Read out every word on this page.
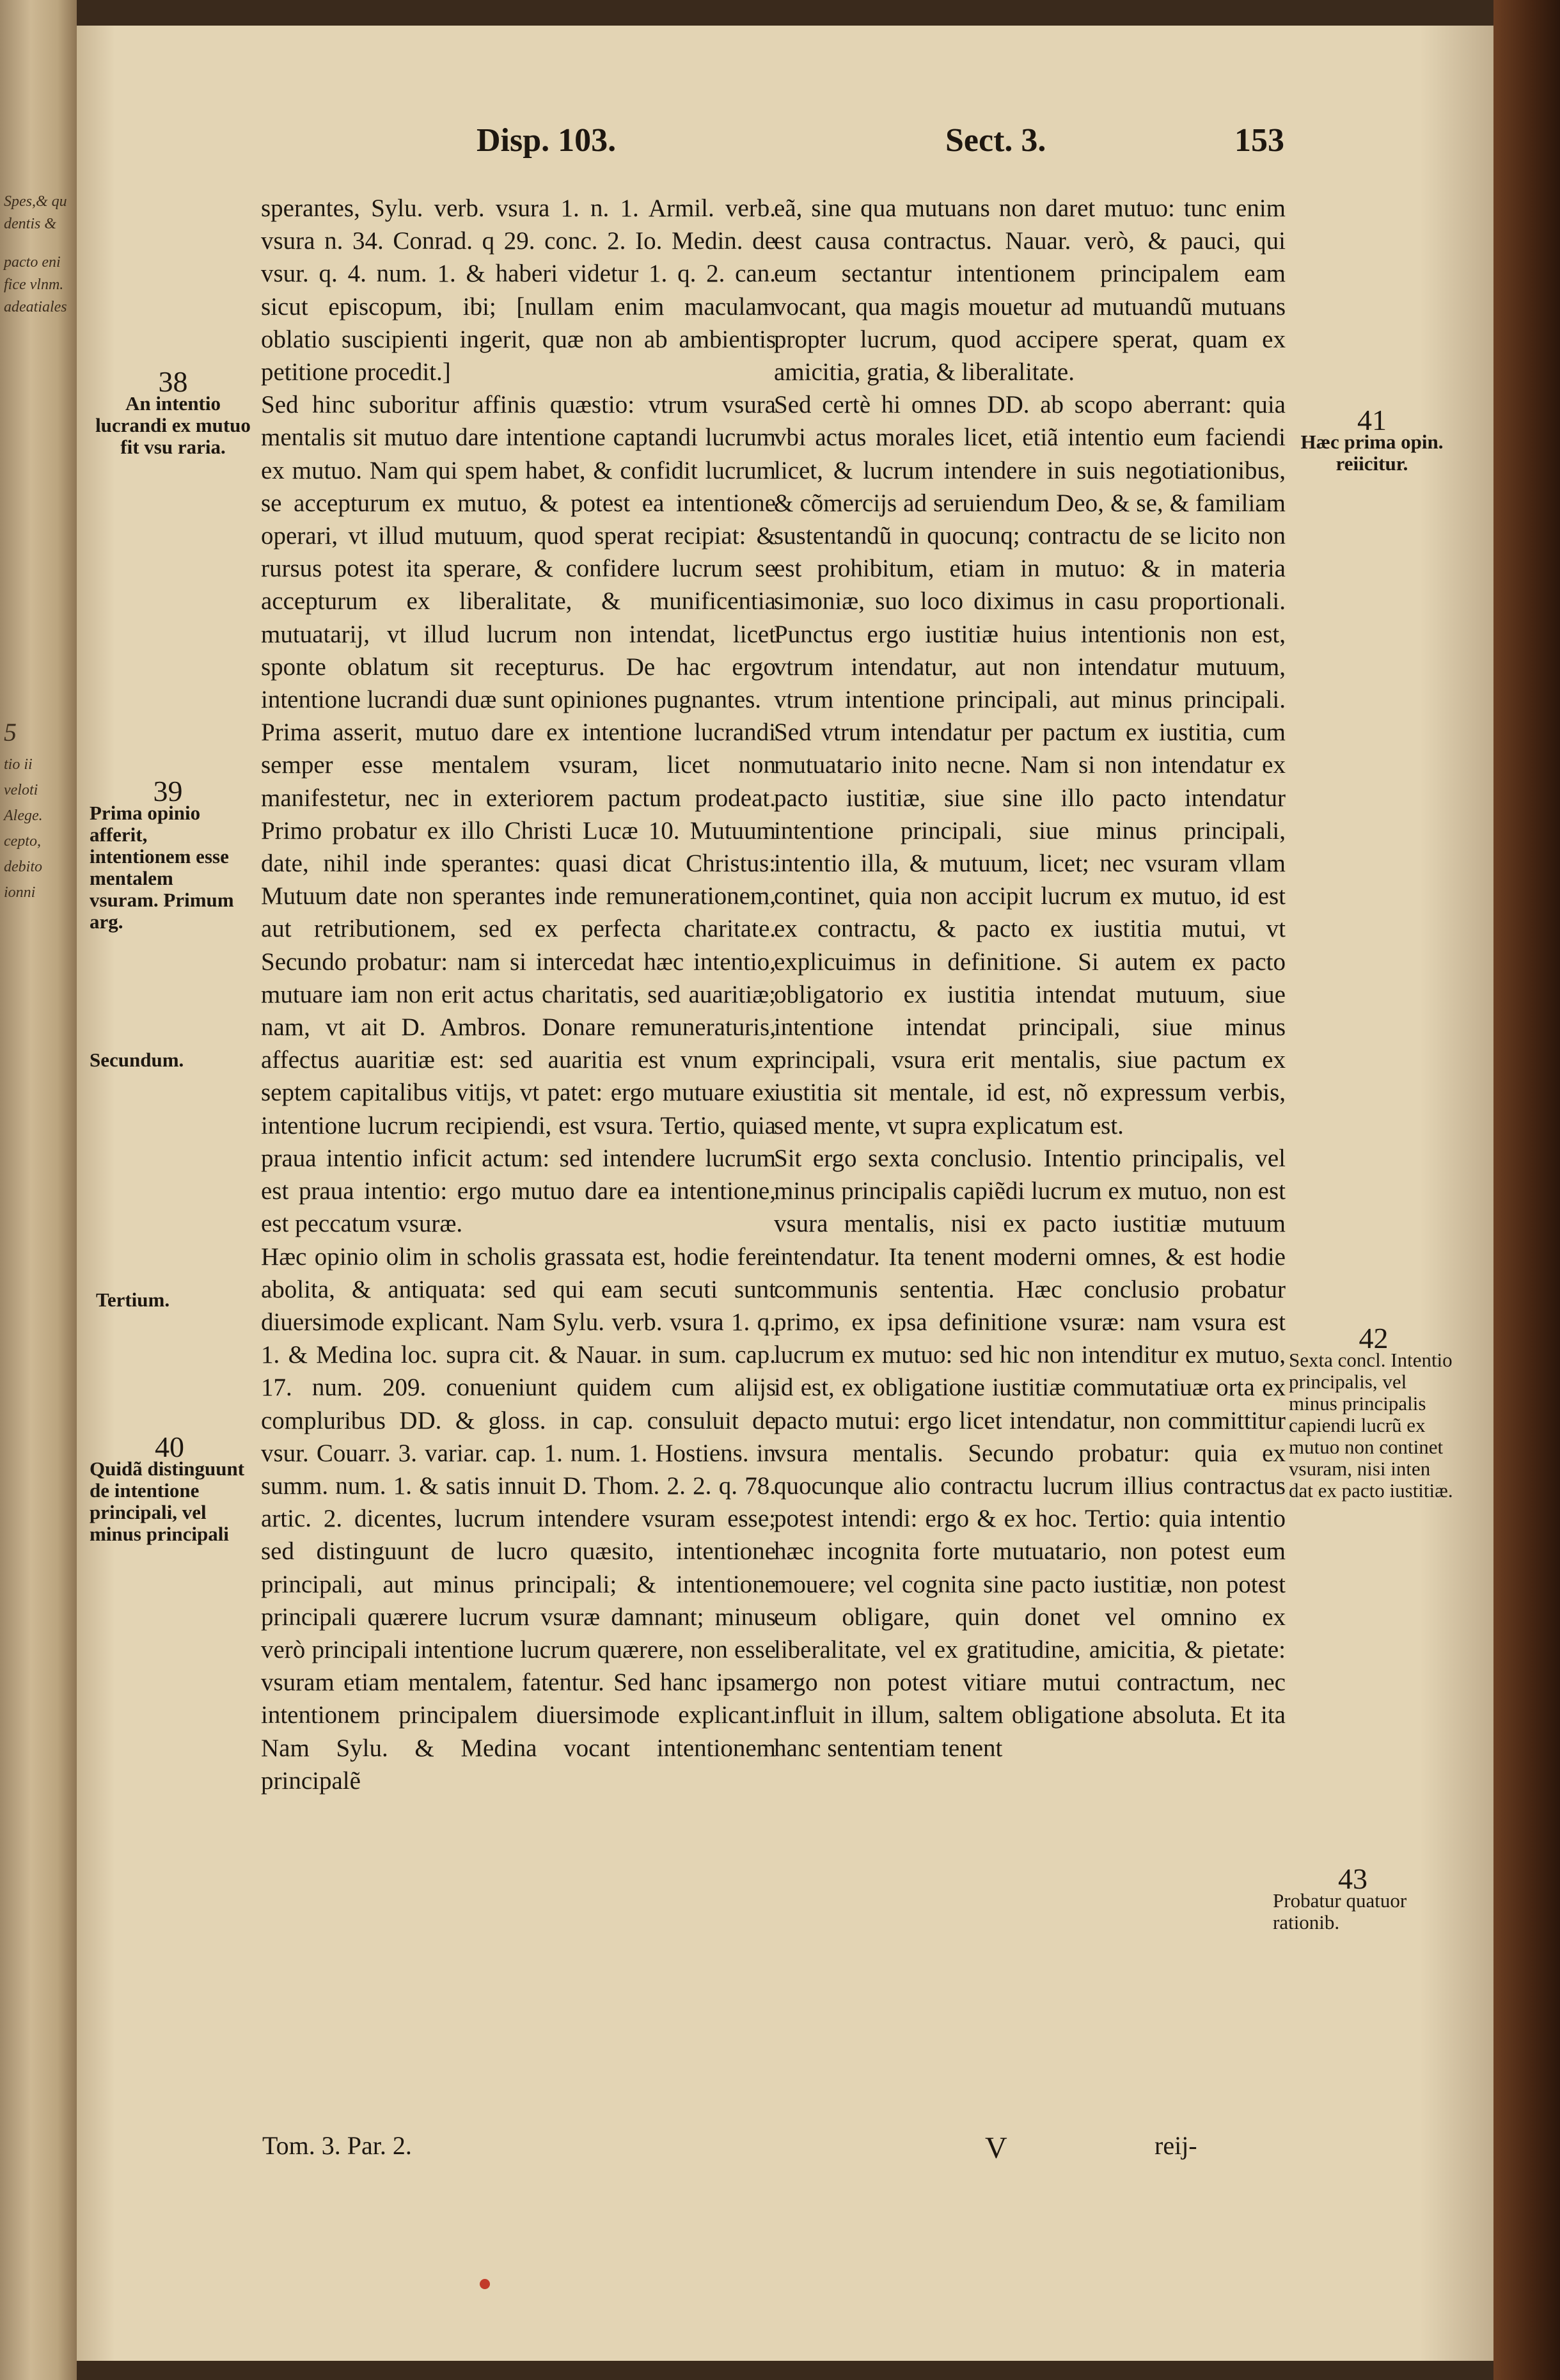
Spes,& qu
dentis &
pacto eni
fice vlnm.
adeatiales
5
tio ii
veloti
Alege.
cepto,
debito
ionni
Disp. 103.	Sect. 3.	153
38
An intentio lucrandi ex mutuo fit vsu raria.
39
Prima opinio afferit, intentionem esse mentalem vsuram. Primum arg.
Secundum.
Tertium.
40
Quidã distinguunt de intentione principali, vel minus principali
41
Hæc prima opin. reiicitur.
42
Sexta concl. Intentio principalis, vel minus principalis capiendi lucrũ ex mutuo non continet vsuram, nisi inten dat ex pacto iustitiæ.
43
Probatur quatuor rationib.

sperantes, Sylu. verb. vsura 1. n. 1. Armil. verb. vsura n. 34. Conrad. q 29. conc. 2. Io. Medin. de vsur. q. 4. num. 1. & haberi videtur 1. q. 2. can. sicut episcopum, ibi; [nullam enim maculam oblatio suscipienti ingerit, quæ non ab ambientis petitione procedit.]

Sed hinc suboritur affinis quæstio: vtrum vsura mentalis sit mutuo dare intentione captandi lucrum ex mutuo. Nam qui spem habet, & confidit lucrum se accepturum ex mutuo, & potest ea intentione operari, vt illud mutuum, quod sperat recipiat: & rursus potest ita sperare, & confidere lucrum se accepturum ex liberalitate, & munificentia mutuatarij, vt illud lucrum non intendat, licet sponte oblatum sit recepturus. De hac ergo intentione lucrandi duæ sunt opiniones pugnantes.

Prima asserit, mutuo dare ex intentione lucrandi semper esse mentalem vsuram, licet non manifestetur, nec in exteriorem pactum prodeat. Primo probatur ex illo Christi Lucæ 10. Mutuum date, nihil inde sperantes: quasi dicat Christus: Mutuum date non sperantes inde remunerationem, aut retributionem, sed ex perfecta charitate. Secundo probatur: nam si intercedat hæc intentio, mutuare iam non erit actus charitatis, sed auaritiæ; nam, vt ait D. Ambros. Donare remuneraturis, affectus auaritiæ est: sed auaritia est vnum ex septem capitalibus vitijs, vt patet: ergo mutuare ex intentione lucrum recipiendi, est vsura. Tertio, quia praua intentio inficit actum: sed intendere lucrum est praua intentio: ergo mutuo dare ea intentione, est peccatum vsuræ.

Hæc opinio olim in scholis grassata est, hodie fere abolita, & antiquata: sed qui eam secuti sunt diuersimode explicant. Nam Sylu. verb. vsura 1. q. 1. & Medina loc. supra cit. & Nauar. in sum. cap. 17. num. 209. conueniunt quidem cum alijs compluribus DD. & gloss. in cap. consuluit de vsur. Couarr. 3. variar. cap. 1. num. 1. Hostiens. in summ. num. 1. & satis innuit D. Thom. 2. 2. q. 78. artic. 2. dicentes, lucrum intendere vsuram esse; sed distinguunt de lucro quæsito, intentione principali, aut minus principali; & intentione principali quærere lucrum vsuræ damnant; minus verò principali intentione lucrum quærere, non esse vsuram etiam mentalem, fatentur. Sed hanc ipsam intentionem principalem diuersimode explicant. Nam Sylu. & Medina vocant intentionem principalẽ

eã, sine qua mutuans non daret mutuo: tunc enim est causa contractus. Nauar. verò, & pauci, qui eum sectantur intentionem principalem eam vocant, qua magis mouetur ad mutuandũ mutuans propter lucrum, quod accipere sperat, quam ex amicitia, gratia, & liberalitate.

Sed certè hi omnes DD. ab scopo aberrant: quia vbi actus morales licet, etiã intentio eum faciendi licet, & lucrum intendere in suis negotiationibus, & cõmercijs ad seruiendum Deo, & se, & familiam sustentandũ in quocunq; contractu de se licito non est prohibitum, etiam in mutuo: & in materia simoniæ, suo loco diximus in casu proportionali. Punctus ergo iustitiæ huius intentionis non est, vtrum intendatur, aut non intendatur mutuum, vtrum intentione principali, aut minus principali. Sed vtrum intendatur per pactum ex iustitia, cum mutuatario inito necne. Nam si non intendatur ex pacto iustitiæ, siue sine illo pacto intendatur intentione principali, siue minus principali, intentio illa, & mutuum, licet; nec vsuram vllam continet, quia non accipit lucrum ex mutuo, id est ex contractu, & pacto ex iustitia mutui, vt explicuimus in definitione. Si autem ex pacto obligatorio ex iustitia intendat mutuum, siue intentione intendat principali, siue minus principali, vsura erit mentalis, siue pactum ex iustitia sit mentale, id est, nõ expressum verbis, sed mente, vt supra explicatum est.

Sit ergo sexta conclusio. Intentio principalis, vel minus principalis capiẽdi lucrum ex mutuo, non est vsura mentalis, nisi ex pacto iustitiæ mutuum intendatur. Ita tenent moderni omnes, & est hodie communis sententia. Hæc conclusio probatur primo, ex ipsa definitione vsuræ: nam vsura est lucrum ex mutuo: sed hic non intenditur ex mutuo, id est, ex obligatione iustitiæ commutatiuæ orta ex pacto mutui: ergo licet intendatur, non committitur vsura mentalis. Secundo probatur: quia ex quocunque alio contractu lucrum illius contractus potest intendi: ergo & ex hoc. Tertio: quia intentio hæc incognita forte mutuatario, non potest eum mouere; vel cognita sine pacto iustitiæ, non potest eum obligare, quin donet vel omnino ex liberalitate, vel ex gratitudine, amicitia, & pietate: ergo non potest vitiare mutui contractum, nec influit in illum, saltem obligatione absoluta. Et ita hanc sententiam tenent

Tom. 3. Par. 2.	V	reij-
